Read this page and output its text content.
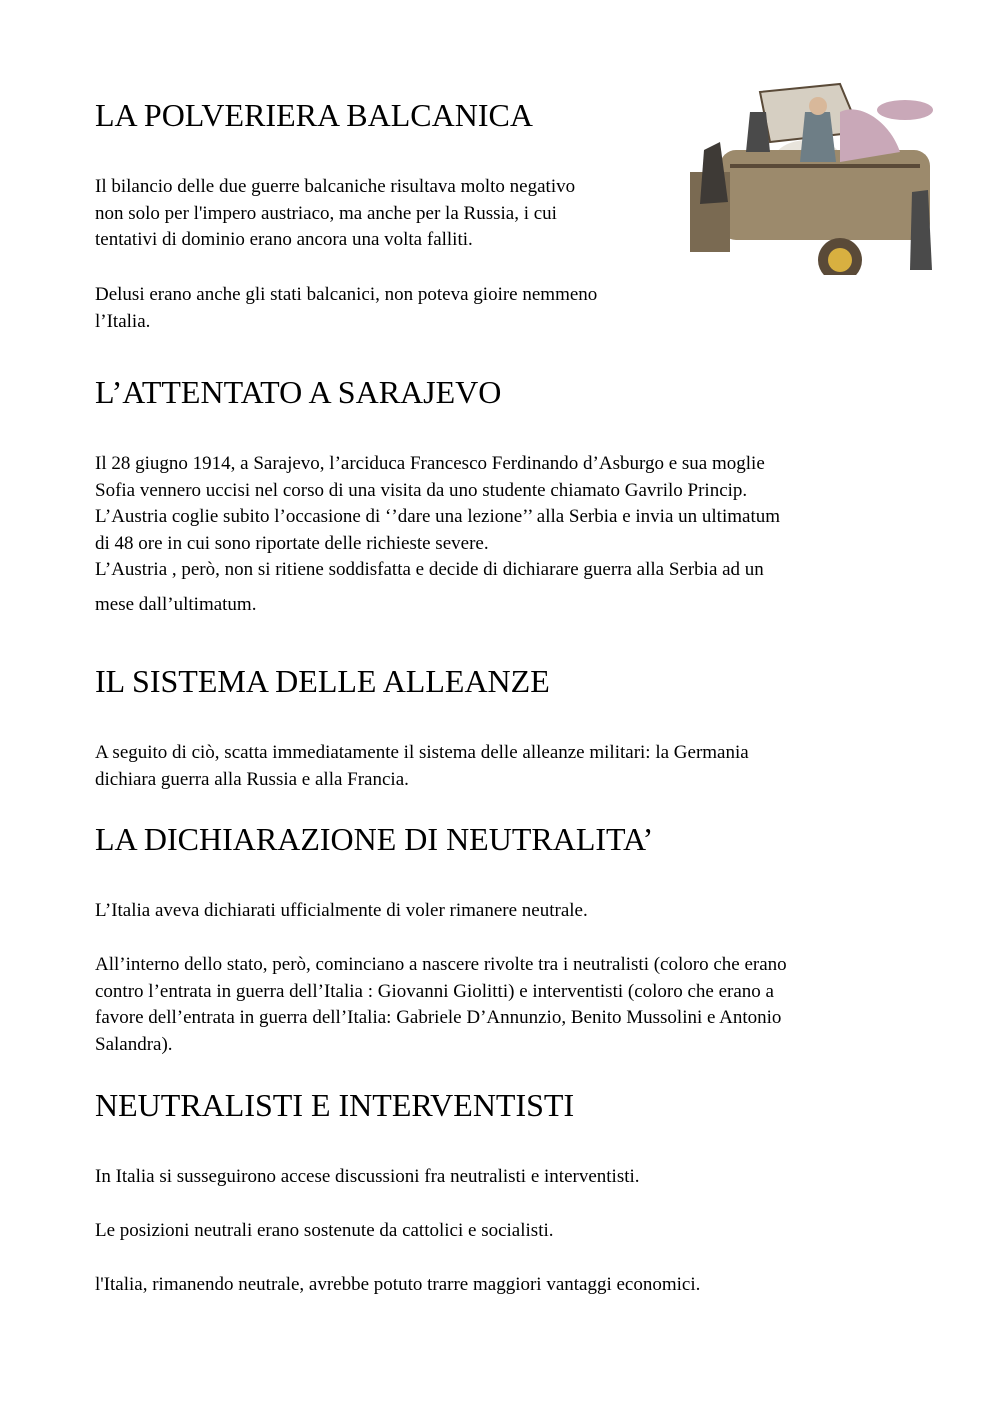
LA POLVERIERA BALCANICA
Il bilancio delle due guerre balcaniche risultava molto negativo
non solo per l'impero austriaco, ma anche per la Russia, i cui
tentativi di dominio erano ancora una volta falliti.
Delusi erano anche gli stati balcanici, non poteva gioire nemmeno
l’Italia.
L’ATTENTATO A SARAJEVO
Il 28 giugno 1914, a Sarajevo, l’arciduca Francesco Ferdinando d’Asburgo e sua moglie
Sofia vennero uccisi nel corso di una visita da uno studente chiamato Gavrilo Princip.
L’Austria coglie subito l’occasione di ‘’dare una lezione’’ alla Serbia e invia un ultimatum
di 48 ore in cui sono riportate delle richieste severe.
L’Austria , però, non si ritiene soddisfatta e decide di dichiarare guerra alla Serbia ad un
mese dall’ultimatum.
IL SISTEMA DELLE ALLEANZE
A seguito di ciò, scatta immediatamente il sistema delle alleanze militari: la Germania
dichiara guerra alla Russia e alla Francia.
LA DICHIARAZIONE DI NEUTRALITA’
L’Italia aveva dichiarati ufficialmente di voler rimanere neutrale.
All’interno dello stato, però, cominciano a nascere rivolte tra i neutralisti (coloro che erano
contro l’entrata in guerra dell’Italia : Giovanni Giolitti) e interventisti (coloro che erano a
favore dell’entrata in guerra dell’Italia: Gabriele D’Annunzio, Benito Mussolini e Antonio
Salandra).
NEUTRALISTI E INTERVENTISTI
In Italia si susseguirono accese discussioni fra neutralisti e interventisti.
Le posizioni neutrali erano sostenute da cattolici e socialisti.
l'Italia, rimanendo neutrale, avrebbe potuto trarre maggiori vantaggi economici.
